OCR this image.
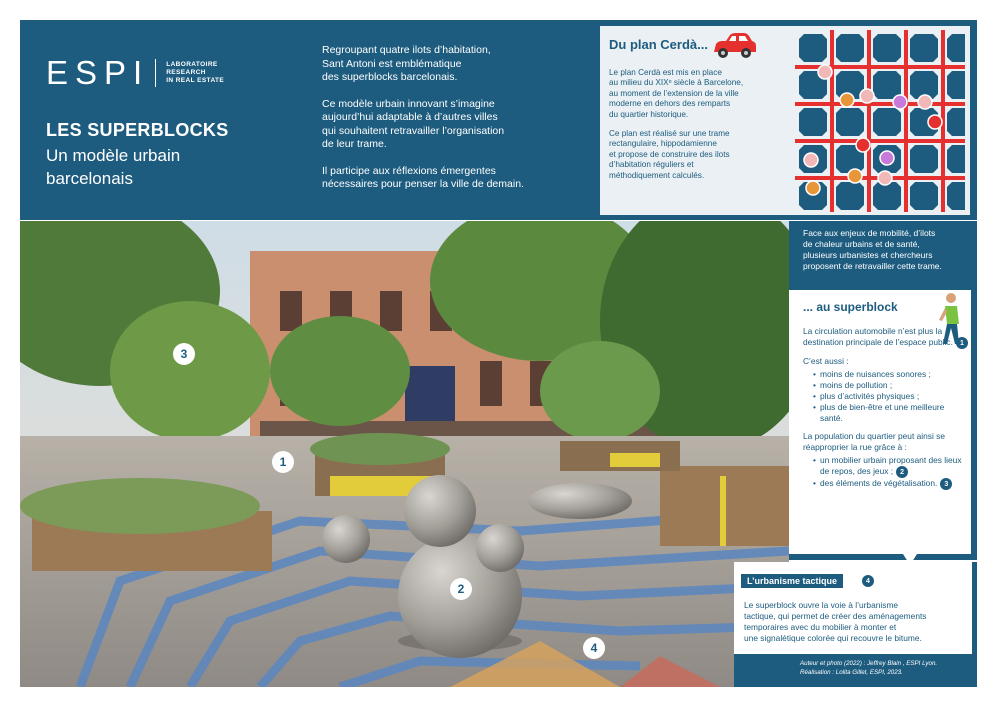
ESPI	LABORATOIRE
RESEARCH
IN REAL ESTATE
LES SUPERBLOCKS
Un modèle urbain barcelonais

Regroupant quatre ilots d’habitation,
Sant Antoni est emblématique
des superblocks barcelonais.

Ce modèle urbain innovant s’imagine
aujourd’hui adaptable à d’autres villes
qui souhaitent retravailler l’organisation
de leur trame.

Il participe aux réflexions émergentes
nécessaires pour penser la ville de demain.

Du plan Cerdà...

Le plan Cerdà est mis en place
au milieu du XIXᵉ siècle à Barcelone,
au moment de l’extension de la ville
moderne en dehors des remparts
du quartier historique.

Ce plan est réalisé sur une trame
rectangulaire, hippodamienne
et propose de construire des ilots
d’habitation réguliers et
méthodiquement calculés.

1
2
3
4

Face aux enjeux de mobilité, d’ilots
de chaleur urbains et de santé,
plusieurs urbanistes et chercheurs
proposent de retravailler cette trame.

... au superblock

La circulation automobile n’est plus la destination principale de l’espace public. 1

C’est aussi :

• moins de nuisances sonores ;
• moins de pollution ;
• plus d’activités physiques ;
• plus de bien-être et une meilleure santé.

La population du quartier peut ainsi se réapproprier la rue grâce à :

• un mobilier urbain proposant des lieux de repos, des jeux ; 2
• des éléments de végétalisation. 3
L’urbanisme tactique	4
Le superblock ouvre la voie à l’urbanisme
tactique, qui permet de créer des aménagements
temporaires avec du mobilier à monter et
une signalétique colorée qui recouvre le bitume.
Auteur et photo (2022) : Jeffrey Blain , ESPI Lyon.
Réalisation : Lolita Gillet, ESPI, 2023.
